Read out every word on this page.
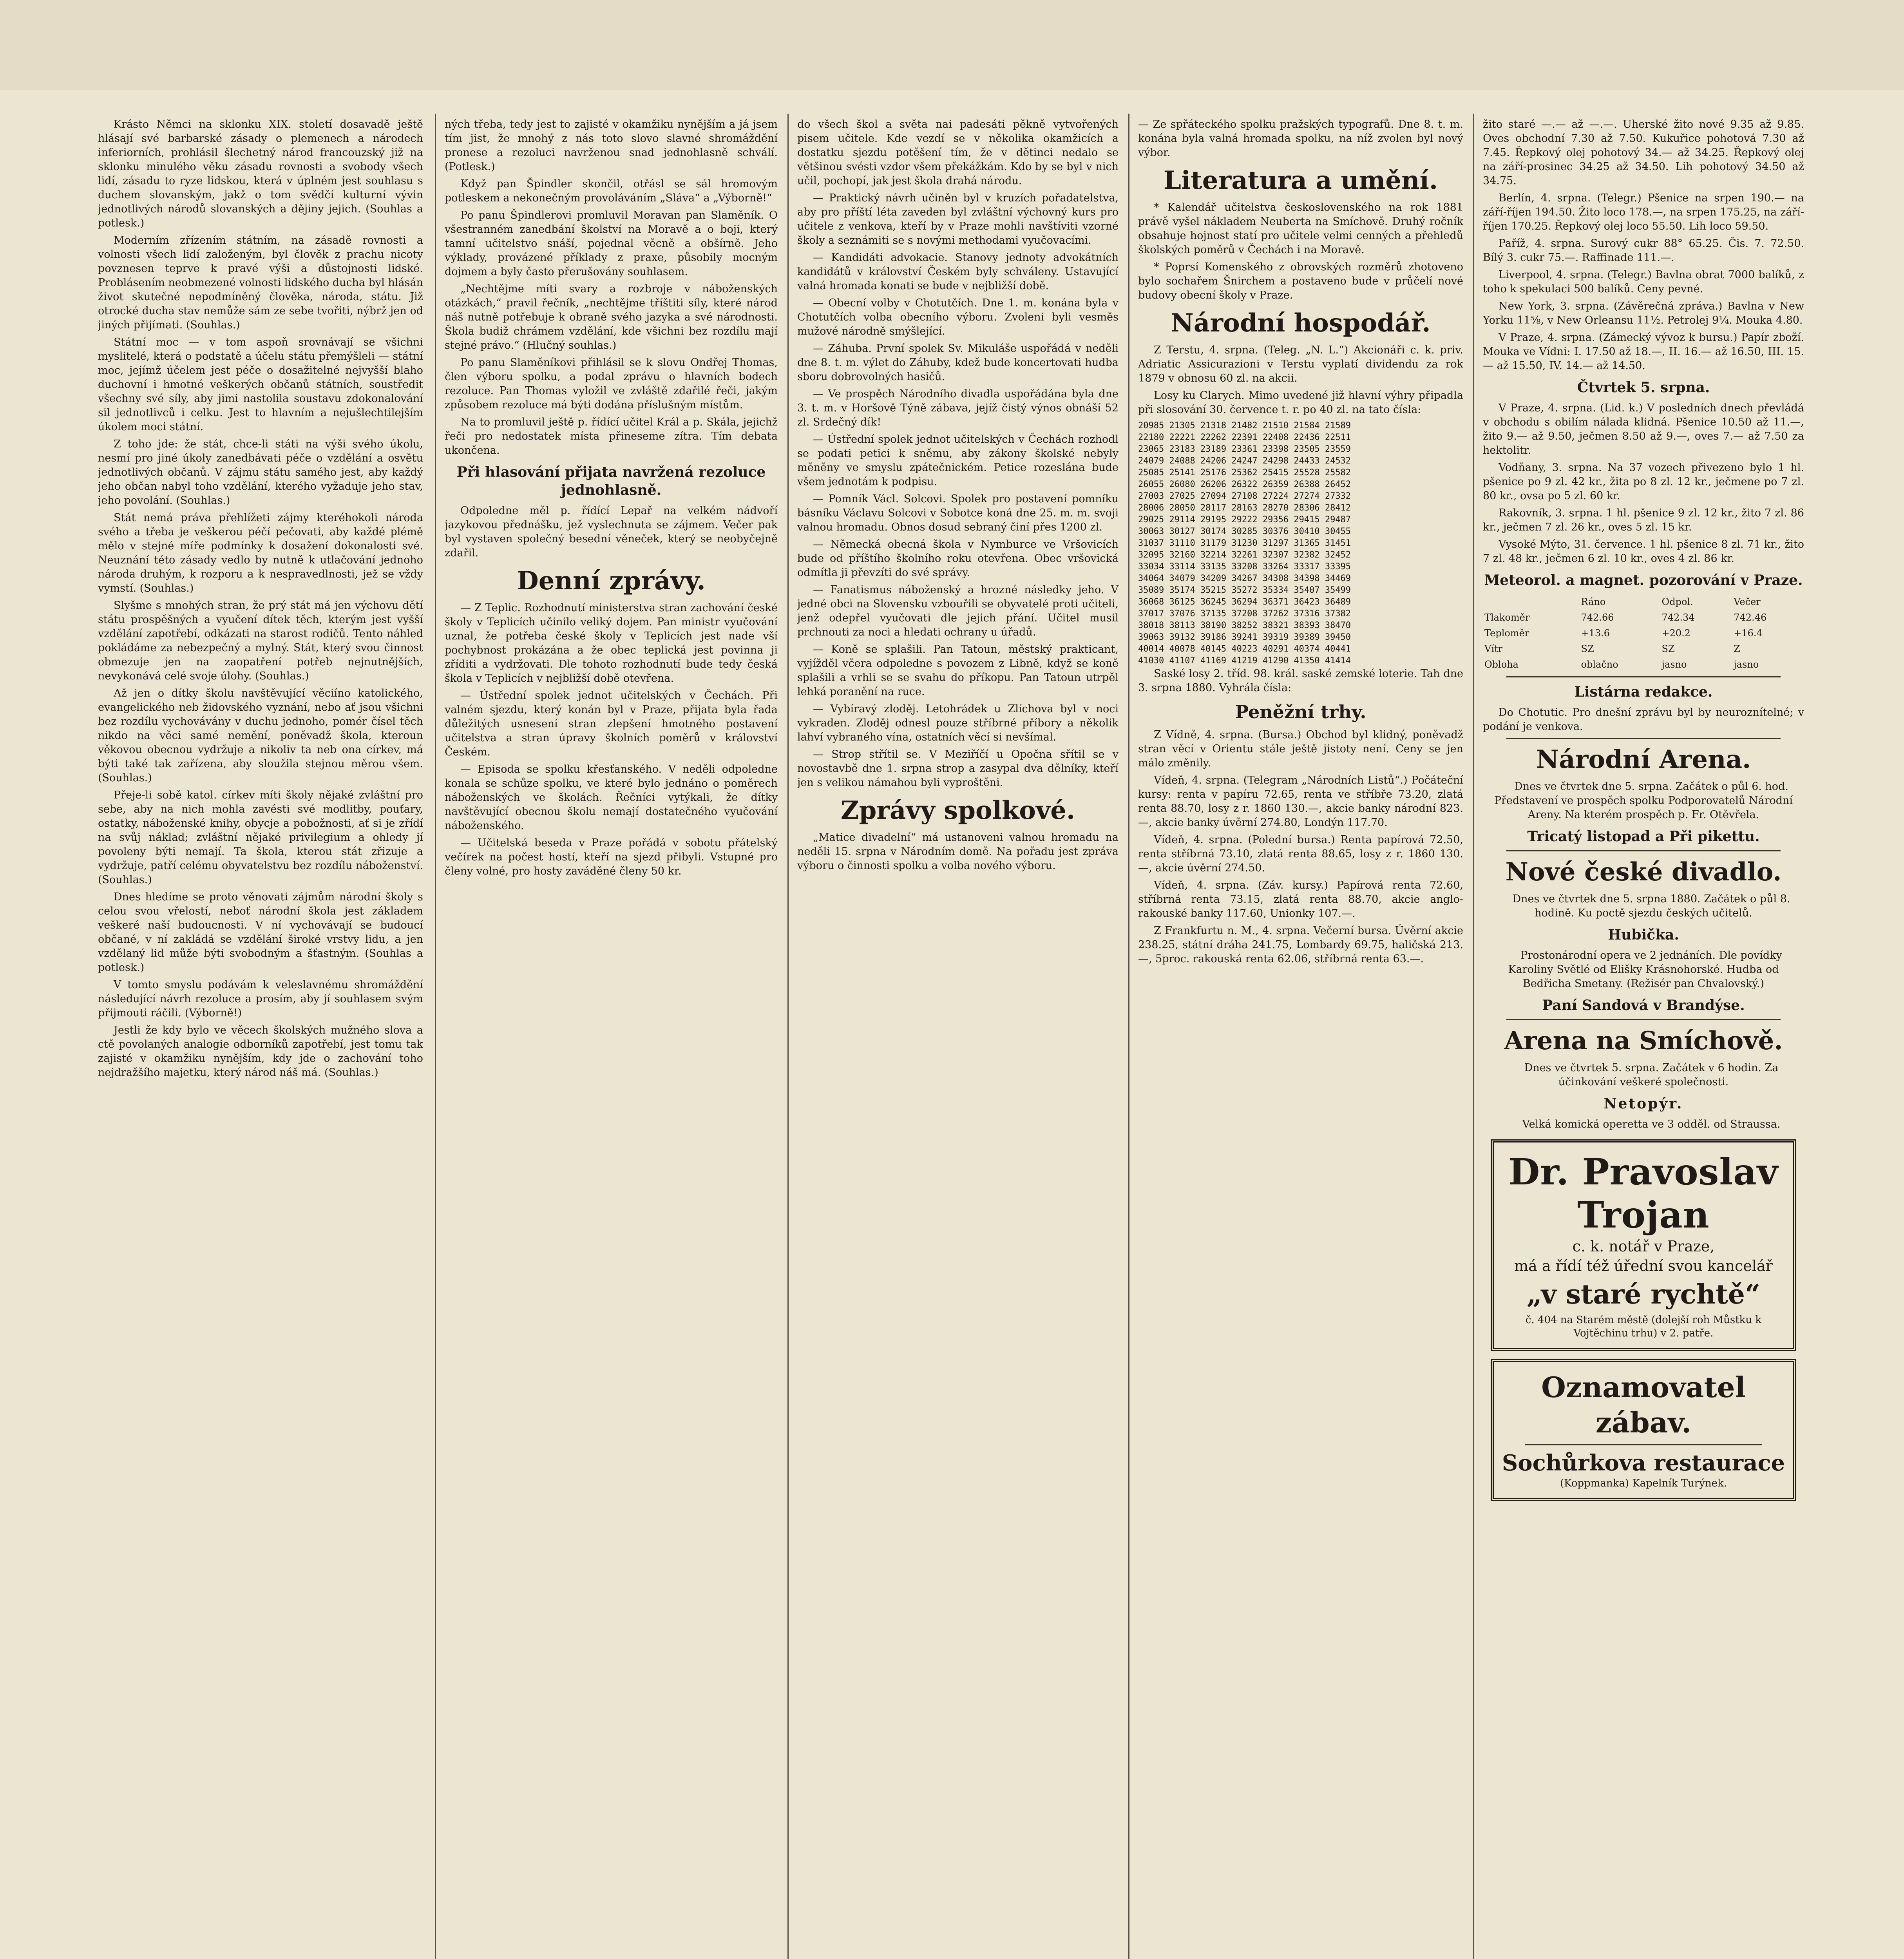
Krásto Němci na sklonku XIX. století dosavadě ještě hlásají své barbarské zásady o plemenech a národech inferiorních, prohlásil šlechetný národ francouzský již na sklonku minulého věku zásadu rovnosti a svobody všech lidí, zásadu to ryze lidskou, která v úplném jest souhlasu s duchem slovanským, jakž o tom svědčí kulturní vývin jednotlivých národů slovanských a dějiny jejich. (Souhlas a potlesk.)

Moderním zřízením státním, na zásadě rovnosti a volnosti všech lidí založeným, byl člověk z prachu nicoty povznesen teprve k pravé výši a důstojnosti lidské. Problásením neobmezené volnosti lidského ducha byl hlásán život skutečné nepodmíněný člověka, národa, státu. Již otrocké ducha stav nemůže sám ze sebe tvořiti, nýbrž jen od jiných přijímati. (Souhlas.)

Státní moc — v tom aspoň srovnávají se všichni myslitelé, která o podstatě a účelu státu přemýšleli — státní moc, jejímž účelem jest péče o dosažitelné nejvyšší blaho duchovní i hmotné veškerých občanů státních, soustředit všechny své síly, aby jimi nastolila soustavu zdokonalování sil jednotlivců i celku. Jest to hlavním a nejušlechtilejším úkolem moci státní.

Z toho jde: že stát, chce-li státi na výši svého úkolu, nesmí pro jiné úkoly zanedbávati péče o vzdělání a osvětu jednotlivých občanů. V zájmu státu samého jest, aby každý jeho občan nabyl toho vzdělání, kterého vyžaduje jeho stav, jeho povolání. (Souhlas.)

Stát nemá práva přehlížeti zájmy kteréhokoli národa svého a třeba je veškerou péčí pečovati, aby každé plémě mělo v stejné míře podmínky k dosažení dokonalosti své. Neuznání této zásady vedlo by nutně k utlačování jednoho národa druhým, k rozporu a k nespravedlnosti, jež se vždy vymstí. (Souhlas.)

Slyšme s mnohých stran, že prý stát má jen výchovu dětí státu prospěšných a vyučení dítek těch, kterým jest vyšší vzdělání zapotřebí, odkázati na starost rodičů. Tento náhled pokládáme za nebezpečný a mylný. Stát, který svou činnost obmezuje jen na zaopatření potřeb nejnutnějších, nevykonává celé svoje úlohy. (Souhlas.)

Až jen o dítky školu navštěvující věciíno katolického, evangelického neb židovského vyznání, nebo ať jsou všichni bez rozdílu vychovávány v duchu jednoho, pomér čísel těch nikdo na věci samé nemění, poněvadž škola, kteroun věkovou obecnou vydržuje a nikoliv ta neb ona církev, má býti také tak zařízena, aby sloužila stejnou měrou všem. (Souhlas.)

Přeje-li sobě katol. církev míti školy nějaké zvláštní pro sebe, aby na nich mohla zavésti své modlitby, pouťary, ostatky, náboženské knihy, obycje a pobožnosti, ať si je zřídí na svůj náklad; zvláštní nějaké privilegium a ohledy jí povoleny býti nemají. Ta škola, kterou stát zřizuje a vydržuje, patří celému obyvatelstvu bez rozdílu náboženství. (Souhlas.)

Dnes hledíme se proto věnovati zájmům národní školy s celou svou vřelostí, neboť národní škola jest základem veškeré naší budoucnosti. V ní vychovávají se budoucí občané, v ní zakládá se vzdělání široké vrstvy lidu, a jen vzdělaný lid může býti svobodným a šťastným. (Souhlas a potlesk.)

V tomto smyslu podávám k veleslavnému shromáždění následující návrh rezoluce a prosím, aby jí souhlasem svým přijmouti ráčili. (Výborně!)

Jestli že kdy bylo ve věcech školských mužného slova a ctě povolaných analogie odborníků zapotřebí, jest tomu tak zajisté v okamžiku nynějším, kdy jde o zachování toho nejdražšího majetku, který národ náš má. (Souhlas.)

ných třeba, tedy jest to zajisté v okamžiku nynějším a já jsem tím jist, že mnohý z nás toto slovo slavné shromáždění pronese a rezoluci navrženou snad jednohlasně schválí. (Potlesk.)

Když pan Špindler skončil, otřásl se sál hromovým potleskem a nekonečným provoláváním „Sláva“ a „Výborně!“

Po panu Špindlerovi promluvil Moravan pan Slaměník. O všestranném zanedbání školství na Moravě a o boji, který tamní učitelstvo snáší, pojednal věcně a obšírně. Jeho výklady, provázené příklady z praxe, působily mocným dojmem a byly často přerušovány souhlasem.

„Nechtějme míti svary a rozbroje v náboženských otázkách,“ pravil řečník, „nechtějme tříštiti síly, které národ náš nutně potřebuje k obraně svého jazyka a své národnosti. Škola budiž chrámem vzdělání, kde všichni bez rozdílu mají stejné právo.“ (Hlučný souhlas.)

Po panu Slaměníkovi přihlásil se k slovu Ondřej Thomas, člen výboru spolku, a podal zprávu o hlavních bodech rezoluce. Pan Thomas vyložil ve zvláště zdařilé řeči, jakým způsobem rezoluce má býti dodána příslušným místům.

Na to promluvil ještě p. řídící učitel Král a p. Skála, jejichž řeči pro nedostatek místa přineseme zítra. Tím debata ukončena.

Při hlasování přijata navržená rezoluce jednohlasně.

Odpoledne měl p. řídící Lepař na velkém nádvoří jazykovou přednášku, jež vyslechnuta se zájmem. Večer pak byl vystaven společný besední věneček, který se neobyčejně zdařil.

Denní zprávy.

— Z Teplic. Rozhodnutí ministerstva stran zachování české školy v Teplicích učinilo veliký dojem. Pan ministr vyučování uznal, že potřeba české školy v Teplicích jest nade vší pochybnost prokázána a že obec teplická jest povinna ji zříditi a vydržovati. Dle tohoto rozhodnutí bude tedy česká škola v Teplicích v nejbližší době otevřena.

— Ústřední spolek jednot učitelských v Čechách. Při valném sjezdu, který konán byl v Praze, přijata byla řada důležitých usnesení stran zlepšení hmotného postavení učitelstva a stran úpravy školních poměrů v království Českém.

— Episoda se spolku křesťanského. V neděli odpoledne konala se schůze spolku, ve které bylo jednáno o poměrech náboženských ve školách. Řečníci vytýkali, že dítky navštěvující obecnou školu nemají dostatečného vyučování náboženského.

— Učitelská beseda v Praze pořádá v sobotu přátelský večírek na počest hostí, kteří na sjezd přibyli. Vstupné pro členy volné, pro hosty zaváděné členy 50 kr.

do všech škol a světa nai padesáti pěkně vytvořených pisem učitele. Kde vezdí se v několika okamžicích a dostatku sjezdu potěšení tím, že v dětinci nedalo se většinou svésti vzdor všem překážkám. Kdo by se byl v nich učil, pochopí, jak jest škola drahá národu.

— Praktický návrh učiněn byl v kruzích pořadatelstva, aby pro příští léta zaveden byl zvláštní výchovný kurs pro učitele z venkova, kteří by v Praze mohli navštíviti vzorné školy a seznámiti se s novými methodami vyučovacími.

— Kandidáti advokacie. Stanovy jednoty advokátních kandidátů v království Českém byly schváleny. Ustavující valná hromada konati se bude v nejbližší době.

— Obecní volby v Chotutčích. Dne 1. m. konána byla v Chotutčích volba obecního výboru. Zvoleni byli vesměs mužové národně smýšlející.

— Záhuba. První spolek Sv. Mikuláše uspořádá v neděli dne 8. t. m. výlet do Záhuby, kdež bude koncertovati hudba sboru dobrovolných hasičů.

— Ve prospěch Národního divadla uspořádána byla dne 3. t. m. v Horšově Týně zábava, jejíž čistý výnos obnáší 52 zl. Srdečný dík!

— Ústřední spolek jednot učitelských v Čechách rozhodl se podati petici k sněmu, aby zákony školské nebyly měněny ve smyslu zpátečnickém. Petice rozeslána bude všem jednotám k podpisu.

— Pomník Václ. Solcovi. Spolek pro postavení pomníku básníku Václavu Solcovi v Sobotce koná dne 25. m. m. svoji valnou hromadu. Obnos dosud sebraný činí přes 1200 zl.

— Německá obecná škola v Nymburce ve Vršovicích bude od příštího školního roku otevřena. Obec vršovická odmítla ji převzíti do své správy.

— Fanatismus náboženský a hrozné následky jeho. V jedné obci na Slovensku vzbouřili se obyvatelé proti učiteli, jenž odepřel vyučovati dle jejich přání. Učitel musil prchnouti za noci a hledati ochrany u úřadů.

— Koně se splašili. Pan Tatoun, městský prakticant, vyjížděl včera odpoledne s povozem z Libně, když se koně splašili a vrhli se se svahu do příkopu. Pan Tatoun utrpěl lehká poranění na ruce.

— Vybíravý zloděj. Letohrádek u Zlíchova byl v noci vykraden. Zloděj odnesl pouze stříbrné příbory a několik lahví vybraného vína, ostatních věcí si nevšímal.

— Strop střítil se. V Meziříčí u Opočna sřítil se v novostavbě dne 1. srpna strop a zasypal dva dělníky, kteří jen s velikou námahou byli vyproštěni.

Zprávy spolkové.

„Matice divadelní“ má ustanoveni valnou hromadu na neděli 15. srpna v Národním domě. Na pořadu jest zpráva výboru o činnosti spolku a volba nového výboru.

— Ze spřáteckého spolku pražských typografů. Dne 8. t. m. konána byla valná hromada spolku, na níž zvolen byl nový výbor.

Literatura a umění.

* Kalendář učitelstva československého na rok 1881 právě vyšel nákladem Neuberta na Smíchově. Druhý ročník obsahuje hojnost statí pro učitele velmi cenných a přehledů školských poměrů v Čechách i na Moravě.

* Poprsí Komenského z obrovských rozměrů zhotoveno bylo sochařem Šnirchem a postaveno bude v průčelí nové budovy obecní školy v Praze.

Národní hospodář.

Z Terstu, 4. srpna. (Teleg. „N. L.“) Akcionáři c. k. priv. Adriatic Assicurazioni v Terstu vyplatí dividendu za rok 1879 v obnosu 60 zl. na akcii.

Losy ku Clarych. Mimo uvedené již hlavní výhry připadla při slosování 30. července t. r. po 40 zl. na tato čísla:

20985 21305 21318 21482 21510 21584 21589
22180 22221 22262 22391 22408 22436 22511
23065 23183 23189 23361 23398 23505 23559
24079 24088 24206 24247 24298 24433 24532
25085 25141 25176 25362 25415 25528 25582
26055 26080 26206 26322 26359 26388 26452
27003 27025 27094 27108 27224 27274 27332
28006 28050 28117 28163 28270 28306 28412
29025 29114 29195 29222 29356 29415 29487
30063 30127 30174 30285 30376 30410 30455
31037 31110 31179 31230 31297 31365 31451
32095 32160 32214 32261 32307 32382 32452
33034 33114 33135 33208 33264 33317 33395
34064 34079 34209 34267 34308 34398 34469
35089 35174 35215 35272 35334 35407 35499
36068 36125 36245 36294 36371 36423 36489
37017 37076 37135 37208 37262 37316 37382
38018 38113 38190 38252 38321 38393 38470
39063 39132 39186 39241 39319 39389 39450
40014 40078 40145 40223 40291 40374 40441
41030 41107 41169 41219 41290 41350 41414

Saské losy 2. tříd. 98. král. saské zemské loterie. Tah dne 3. srpna 1880. Vyhrála čísla:

Peněžní trhy.

Z Vídně, 4. srpna. (Bursa.) Obchod byl klidný, poněvadž stran věcí v Orientu stále ještě jistoty není. Ceny se jen málo změnily.

Vídeň, 4. srpna. (Telegram „Národních Listů“.) Počáteční kursy: renta v papíru 72.65, renta ve stříbře 73.20, zlatá renta 88.70, losy z r. 1860 130.—, akcie banky národní 823.—, akcie banky úvěrní 274.80, Londýn 117.70.

Vídeň, 4. srpna. (Polední bursa.) Renta papírová 72.50, renta stříbrná 73.10, zlatá renta 88.65, losy z r. 1860 130.—, akcie úvěrní 274.50.

Vídeň, 4. srpna. (Záv. kursy.) Papírová renta 72.60, stříbrná renta 73.15, zlatá renta 88.70, akcie anglo-rakouské banky 117.60, Unionky 107.—.

Z Frankfurtu n. M., 4. srpna. Večerní bursa. Úvěrní akcie 238.25, státní dráha 241.75, Lombardy 69.75, haličská 213.—, 5proc. rakouská renta 62.06, stříbrná renta 63.—.

žito staré —.— až —.—. Uherské žito nové 9.35 až 9.85. Oves obchodní 7.30 až 7.50. Kukuřice pohotová 7.30 až 7.45. Řepkový olej pohotový 34.— až 34.25. Řepkový olej na září-prosinec 34.25 až 34.50. Lih pohotový 34.50 až 34.75.

Berlín, 4. srpna. (Telegr.) Pšenice na srpen 190.— na září-říjen 194.50. Žito loco 178.—, na srpen 175.25, na září-říjen 170.25. Řepkový olej loco 55.50. Lih loco 59.50.

Paříž, 4. srpna. Surový cukr 88° 65.25. Čis. 7. 72.50. Bílý 3. cukr 75.—. Raffinade 111.—.

Liverpool, 4. srpna. (Telegr.) Bavlna obrat 7000 balíků, z toho k spekulaci 500 balíků. Ceny pevné.

New York, 3. srpna. (Závěrečná zpráva.) Bavlna v New Yorku 11⅝, v New Orleansu 11½. Petrolej 9¼. Mouka 4.80.

V Praze, 4. srpna. (Zámecký vývoz k bursu.) Papír zboží. Mouka ve Vídni: I. 17.50 až 18.—, II. 16.— až 16.50, III. 15.— až 15.50, IV. 14.— až 14.50.

Čtvrtek 5. srpna.

V Praze, 4. srpna. (Lid. k.) V posledních dnech převládá v obchodu s obilím nálada klidná. Pšenice 10.50 až 11.—, žito 9.— až 9.50, ječmen 8.50 až 9.—, oves 7.— až 7.50 za hektolitr.

Vodňany, 3. srpna. Na 37 vozech přivezeno bylo 1 hl. pšenice po 9 zl. 42 kr., žita po 8 zl. 12 kr., ječmene po 7 zl. 80 kr., ovsa po 5 zl. 60 kr.

Rakovník, 3. srpna. 1 hl. pšenice 9 zl. 12 kr., žito 7 zl. 86 kr., ječmen 7 zl. 26 kr., oves 5 zl. 15 kr.

Vysoké Mýto, 31. července. 1 hl. pšenice 8 zl. 71 kr., žito 7 zl. 48 kr., ječmen 6 zl. 10 kr., oves 4 zl. 86 kr.

Meteorol. a magnet. pozorování v Praze.
	Ráno	Odpol.	Večer
Tlakoměr	742.66	742.34	742.46
Teploměr	+13.6	+20.2	+16.4
Vítr	SZ	SZ	Z
Obloha	oblačno	jasno	jasno
Listárna redakce.

Do Chotutic. Pro dnešní zprávu byl by neuroznítelné; v podání je venkova.

Národní Arena.

Dnes ve čtvrtek dne 5. srpna. Začátek o půl 6. hod. Představení ve prospěch spolku Podporovatelů Národní Areny. Na kterém prospěch p. Fr. Otěvřela.

Tricatý listopad a Při pikettu.
Nové české divadlo.

Dnes ve čtvrtek dne 5. srpna 1880. Začátek o půl 8. hodině. Ku poctě sjezdu českých učitelů.

Hubička.

Prostonárodní opera ve 2 jednáních. Dle povídky Karoliny Světlé od Elišky Krásnohorské. Hudba od Bedřicha Smetany. (Režisér pan Chvalovský.)

Paní Sandová v Brandýse.
Arena na Smíchově.

Dnes ve čtvrtek 5. srpna. Začátek v 6 hodin. Za účinkování veškeré společnosti.

Netopýr.

Velká komická operetta ve 3 odděl. od Straussa.

Dr. Pravoslav Trojan
c. k. notář v Praze,
má a řídí též úřední svou kancelář
„v staré rychtě“
č. 404 na Starém městě (dolejší roh Můstku k Vojtěchinu trhu) v 2. patře.
Oznamovatel zábav.
Sochůrkova restaurace
(Koppmanka) Kapelník Turýnek.
